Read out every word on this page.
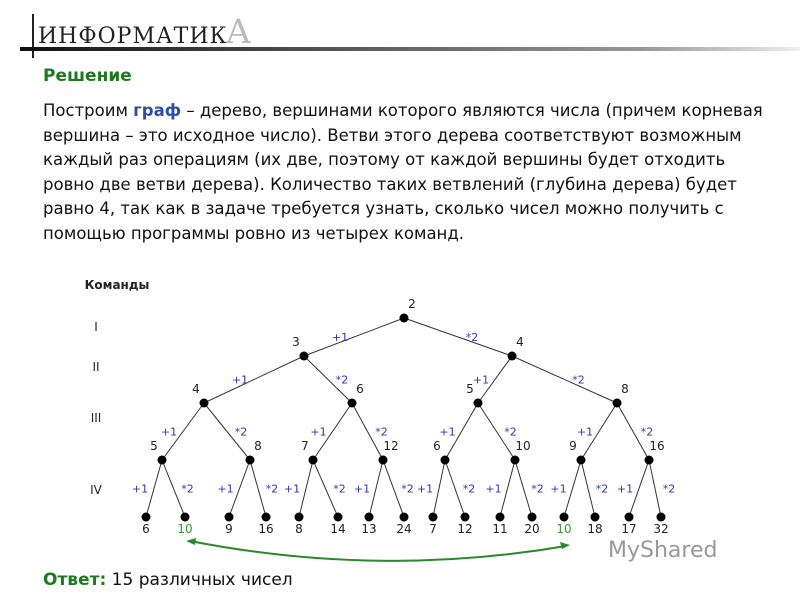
ИНФОРМАТИКА
Решение
Построим граф – дерево, вершинами которого являются числа (причем корневая вершина – это исходное число). Ветви этого дерева соответствуют возможным каждый раз операциям (их две, поэтому от каждой вершины будет отходить ровно две ветви дерева). Количество таких ветвлений (глубина дерева) будет равно 4, так как в задаче требуется узнать, сколько чисел можно получить с помощью программы ровно из четырех команд.
+1	*2
+1	*2	+1	*2
+1	*2	+1	*2	+1	*2	+1	*2
+1	*2 +1	*2 +1	*2 +1	*2 +1	*2 +1	*2 +1	*2 +1	*2
2
3	4
4	6	5	8
5	8	7	12	6	10	9	16
6 10	9 16 8 14 13 24 7 12 11 20 10 18 17 32
Команды
I
II
III
IV
Ответ: 15 различных чисел
MyShared
